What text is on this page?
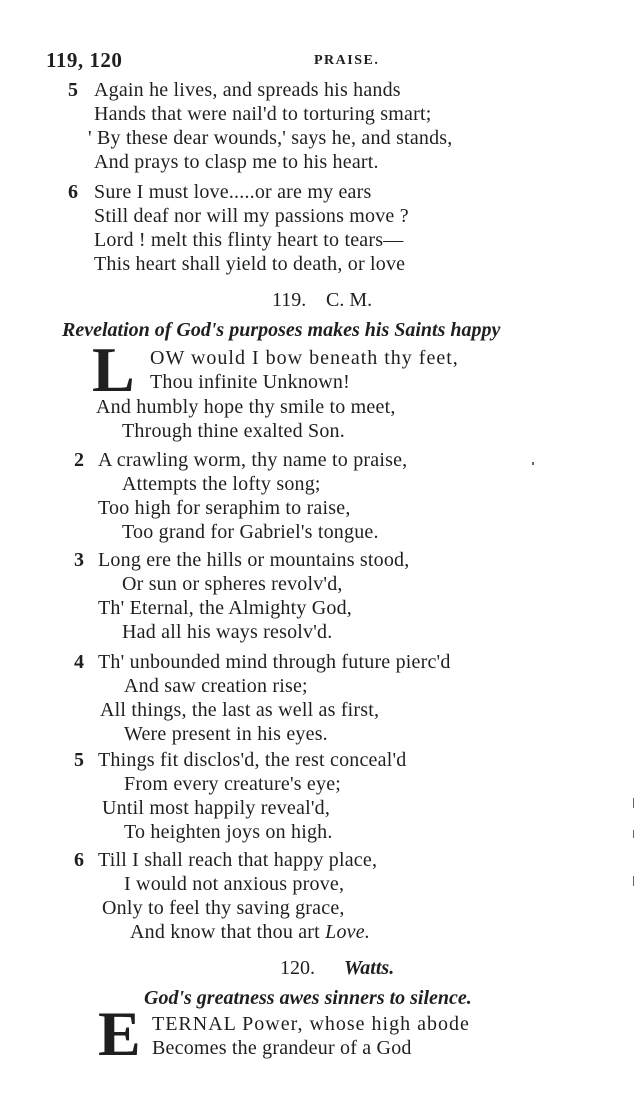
119, 120	PRAISE.
5 Again he lives, and spreads his hands
Hands that were nail'd to torturing smart;
' By these dear wounds,' says he, and stands,
And prays to clasp me to his heart.
6 Sure I must love.....or are my ears
Still deaf nor will my passions move ?
Lord ! melt this flinty heart to tears—
This heart shall yield to death, or love
119. C. M.
Revelation of God's purposes makes his Saints happy
L OW would I bow beneath thy feet,
Thou infinite Unknown!
And humbly hope thy smile to meet,
Through thine exalted Son.
2 A crawling worm, thy name to praise,
Attempts the lofty song;
Too high for seraphim to raise,
Too grand for Gabriel's tongue.
3 Long ere the hills or mountains stood,
Or sun or spheres revolv'd,
Th' Eternal, the Almighty God,
Had all his ways resolv'd.
4 Th' unbounded mind through future pierc'd
And saw creation rise;
All things, the last as well as first,
Were present in his eyes.
5 Things fit disclos'd, the rest conceal'd
From every creature's eye;
Until most happily reveal'd,
To heighten joys on high.
6 Till I shall reach that happy place,
I would not anxious prove,
Only to feel thy saving grace,
And know that thou art Love.
120. Watts.
God's greatness awes sinners to silence.
E TERNAL Power, whose high abode
Becomes the grandeur of a God
